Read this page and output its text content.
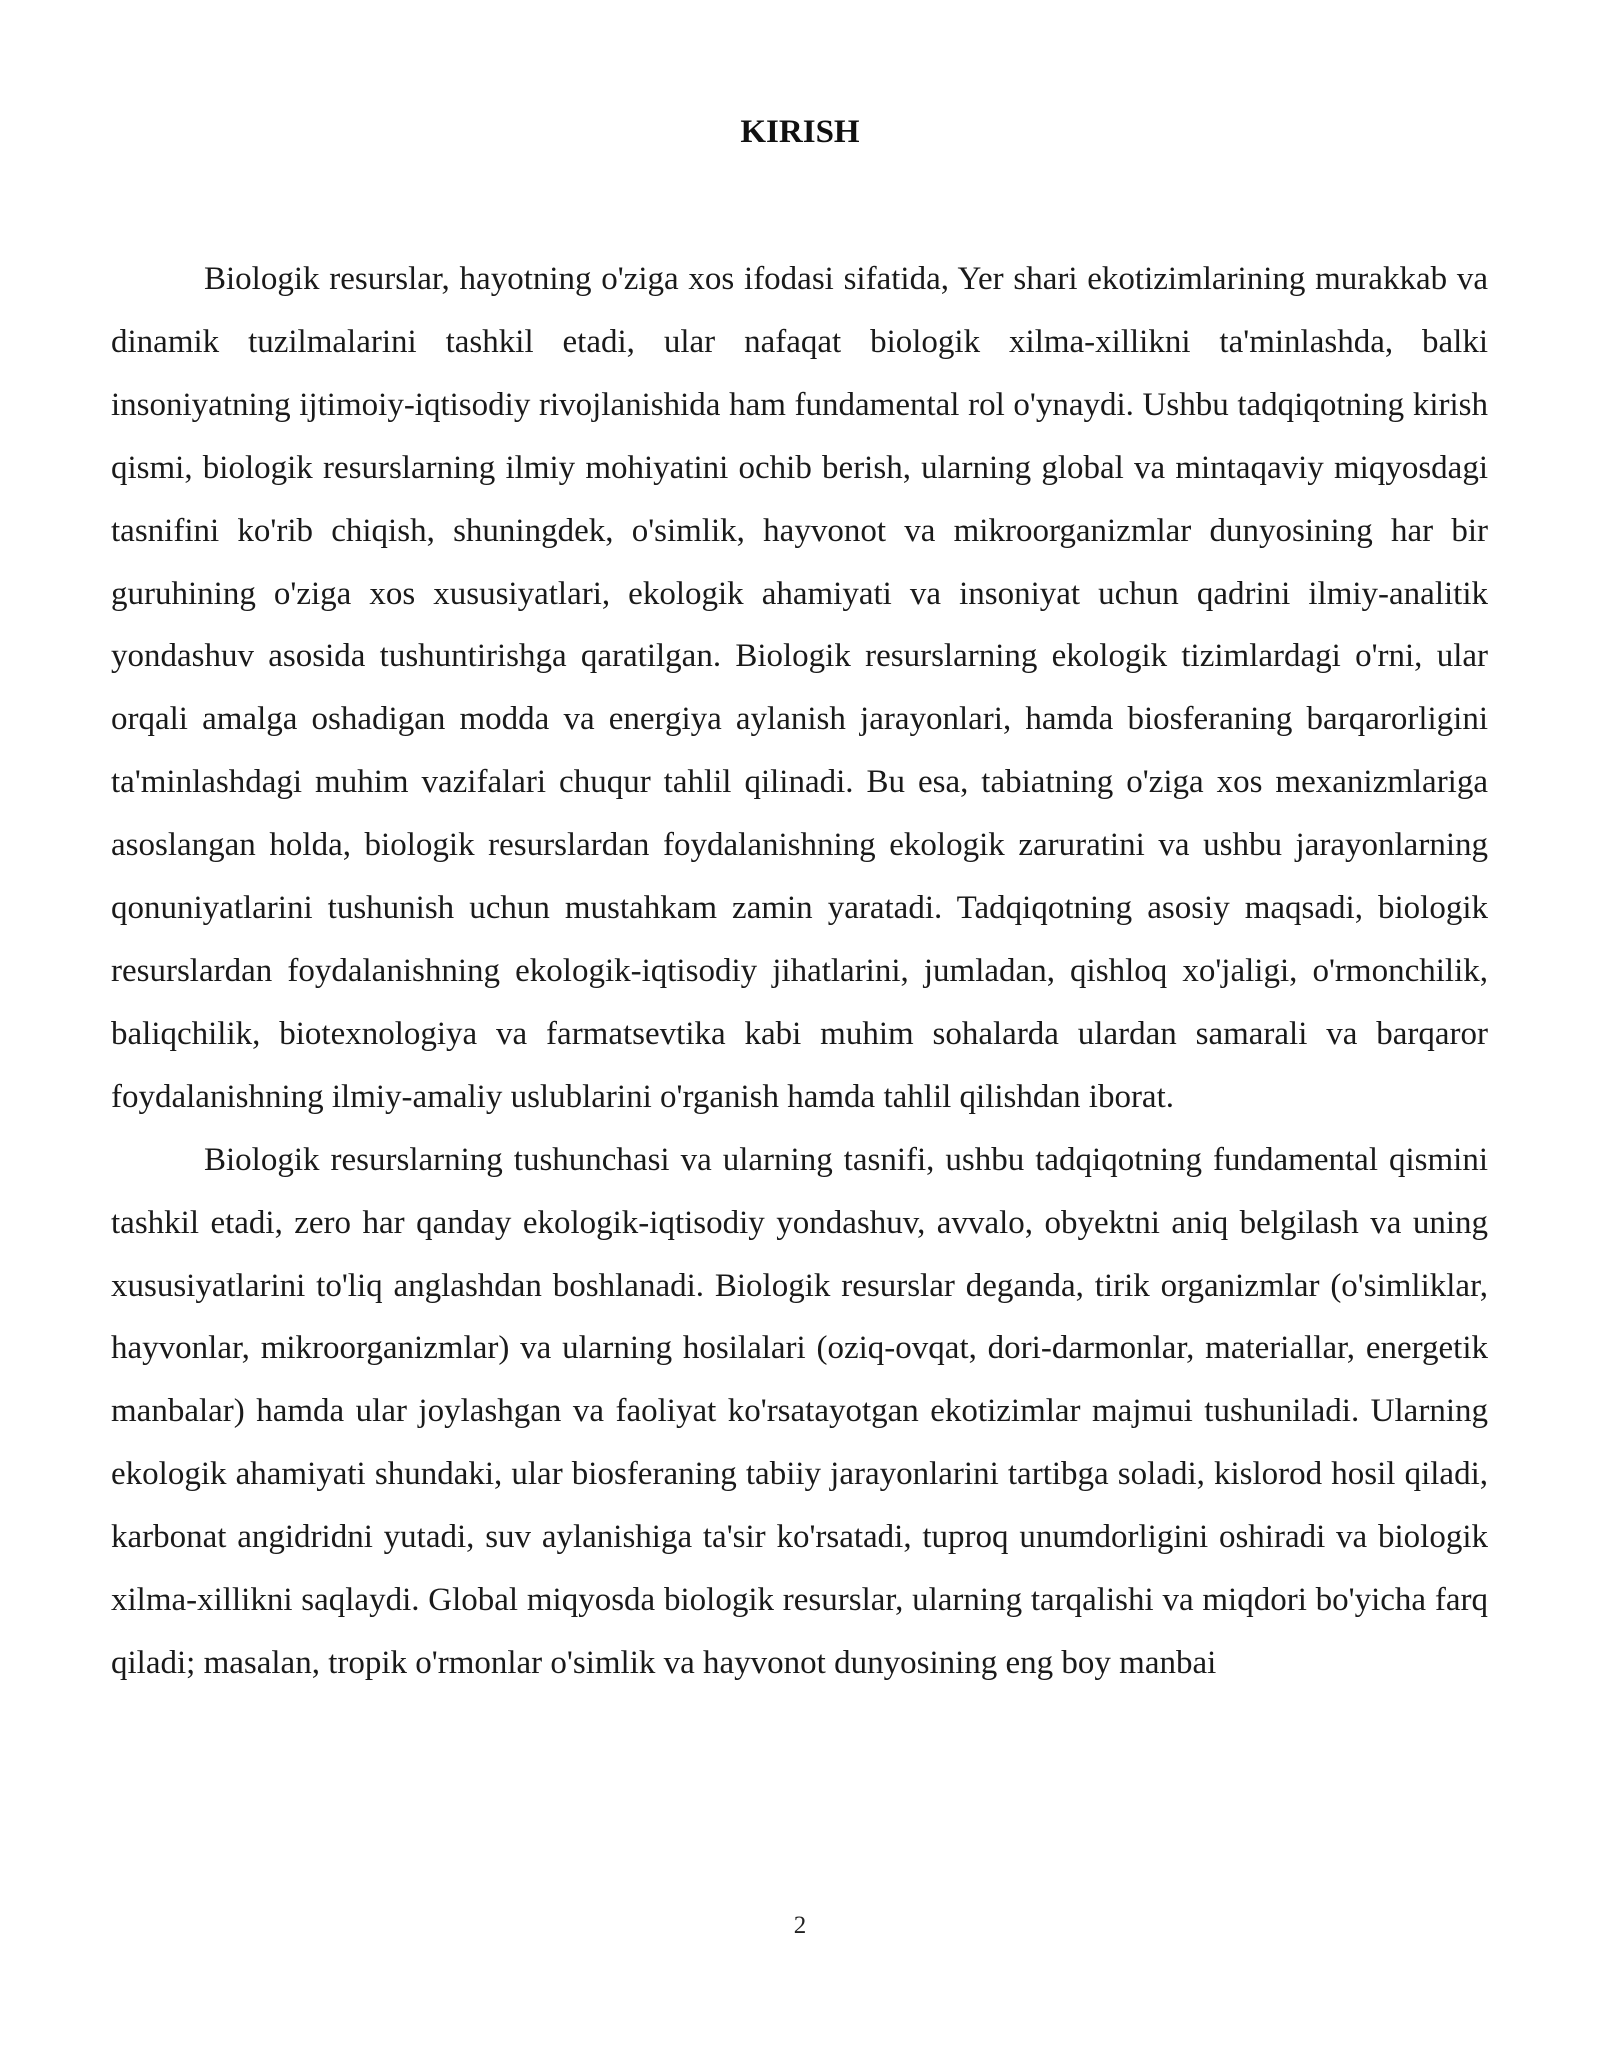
KIRISH

Biologik resurslar, hayotning o'ziga xos ifodasi sifatida, Yer shari ekotizimlarining murakkab va dinamik tuzilmalarini tashkil etadi, ular nafaqat biologik xilma-xillikni ta'minlashda, balki insoniyatning ijtimoiy-iqtisodiy rivojlanishida ham fundamental rol o'ynaydi. Ushbu tadqiqotning kirish qismi, biologik resurslarning ilmiy mohiyatini ochib berish, ularning global va mintaqaviy miqyosdagi tasnifini ko'rib chiqish, shuningdek, o'simlik, hayvonot va mikroorganizmlar dunyosining har bir guruhining o'ziga xos xususiyatlari, ekologik ahamiyati va insoniyat uchun qadrini ilmiy-analitik yondashuv asosida tushuntirishga qaratilgan. Biologik resurslarning ekologik tizimlardagi o'rni, ular orqali amalga oshadigan modda va energiya aylanish jarayonlari, hamda biosferaning barqarorligini ta'minlashdagi muhim vazifalari chuqur tahlil qilinadi. Bu esa, tabiatning o'ziga xos mexanizmlariga asoslangan holda, biologik resurslardan foydalanishning ekologik zaruratini va ushbu jarayonlarning qonuniyatlarini tushunish uchun mustahkam zamin yaratadi. Tadqiqotning asosiy maqsadi, biologik resurslardan foydalanishning ekologik-iqtisodiy jihatlarini, jumladan, qishloq xo'jaligi, o'rmonchilik, baliqchilik, biotexnologiya va farmatsevtika kabi muhim sohalarda ulardan samarali va barqaror foydalanishning ilmiy-amaliy uslublarini o'rganish hamda tahlil qilishdan iborat.

Biologik resurslarning tushunchasi va ularning tasnifi, ushbu tadqiqotning fundamental qismini tashkil etadi, zero har qanday ekologik-iqtisodiy yondashuv, avvalo, obyektni aniq belgilash va uning xususiyatlarini to'liq anglashdan boshlanadi. Biologik resurslar deganda, tirik organizmlar (o'simliklar, hayvonlar, mikroorganizmlar) va ularning hosilalari (oziq-ovqat, dori-darmonlar, materiallar, energetik manbalar) hamda ular joylashgan va faoliyat ko'rsatayotgan ekotizimlar majmui tushuniladi. Ularning ekologik ahamiyati shundaki, ular biosferaning tabiiy jarayonlarini tartibga soladi, kislorod hosil qiladi, karbonat angidridni yutadi, suv aylanishiga ta'sir ko'rsatadi, tuproq unumdorligini oshiradi va biologik xilma-xillikni saqlaydi. Global miqyosda biologik resurslar, ularning tarqalishi va miqdori bo'yicha farq qiladi; masalan, tropik o'rmonlar o'simlik va hayvonot dunyosining eng boy manbai

2
